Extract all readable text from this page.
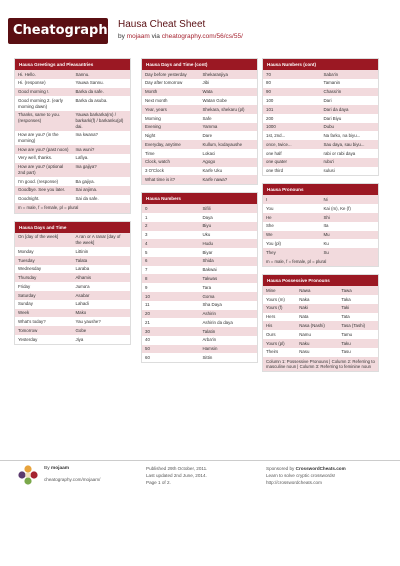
Cheatography Hausa Cheat Sheet
by mojaam via cheatography.com/56/cs/55/
Hausa Greetings and Pleasantries
Hi. Hello.	Sannu.
Hi. (response)	Yauwa Sannu.
Good morning !.	Barka da safe.
Good morning 2. (early morning dawn)	Barka da asuba.
Thanks, same to you. (responses)	Yauwa barkarka(m) / barkarki(f) / barkanku(pl) dai.
How are you? (in the morning)	Ina kwana?
How are you? (past noon)	Ina wuni?
Very well, thanks.	Lafiya.
How are you? (optional 2nd part)	Ina gajiya?
I'm good. (response)	Ba gajiya.
Goodbye. See you later.	Sai anjima.
Goodnight.	Sai da safe.
m = male, f = female, pl = plural
Hausa Days and Time
On [day of the week]	A ran or A ranar [day of the week]
Monday	Littinin
Tuesday	Talata
Wednesday	Laraba
Thursday	Alhamis
Friday	Juma'a
Saturday	Asabar
Sunday	Lahadi
Week	Mako
What's today?	Yau yaushe?
Tomorrow	Gobe
Yesterday	Jiya
Hausa Days and Time (cont)
Day before yesterday	Shekaranjiya
Day after tomorrow	Jibi
Month	Wata
Next month	Watan Gobe
Year, years	Shekara, shekaru (pl)
Morning	Safe
Evening	Yamma
Night	Dare
Everyday, anytime	Kullum, kodayaushe
Time	Lokaci
Clock, watch	Agogo
3 O'Clock	Karfe Uku
What time is it?	Karfe nawa?
Hausa Numbers
0	Sifili
1	Daya
2	Biyu
3	Uku
4	Hudu
5	Biyar
6	Shida
7	Bakwai
8	Takwas
9	Tara
10	Goma
11	Sha Daya
20	Ashirin
21	Ashirin da daya
30	Talatin
40	Arba'in
50	Hamsin
60	Sittin
Hausa Numbers (cont)
70	Saba'in
80	Tamanin
90	Chassi'in
100	Dari
101	Dari da daya
200	Dari Biyu
1000	Dubu
1st, 2nd...	Na farko, na biyu...
once, twice...	Sau daya, sau biyu...
one half	rabi or rabi daya
one quater	rubu'i
one third	sulusi
Hausa Pronouns
I	Ni
You	Kai (m), Ke (f)
He	Shi
She	Ita
We	Mu
You (pl)	Ku
They	Su
m = male, f = female, pl = plural
Hausa Possessive Pronouns
Mine	Nawa	Tawa
Yours (m)	Naka	Taka
Yours (f)	Naki	Taki
Hers	Nata	Tata
His	Nasa (Nashi)	Tasa (Tashi)
Ours	Namu	Tamu
Yours (pl)	Naku	Taku
Theirs	Nasu	Tasu
Column 1: Possessive Pronouns | Column 2: Referring to masculine noun | Column 3: Referring to feminine noun
By mojaam
cheatography.com/mojaam/
Published 29th October, 2011.
Last updated 2nd June, 2014.
Page 1 of 2.
Sponsored by CrosswordCheats.com
Learn to solve cryptic crosswords!
http://crosswordcheats.com
